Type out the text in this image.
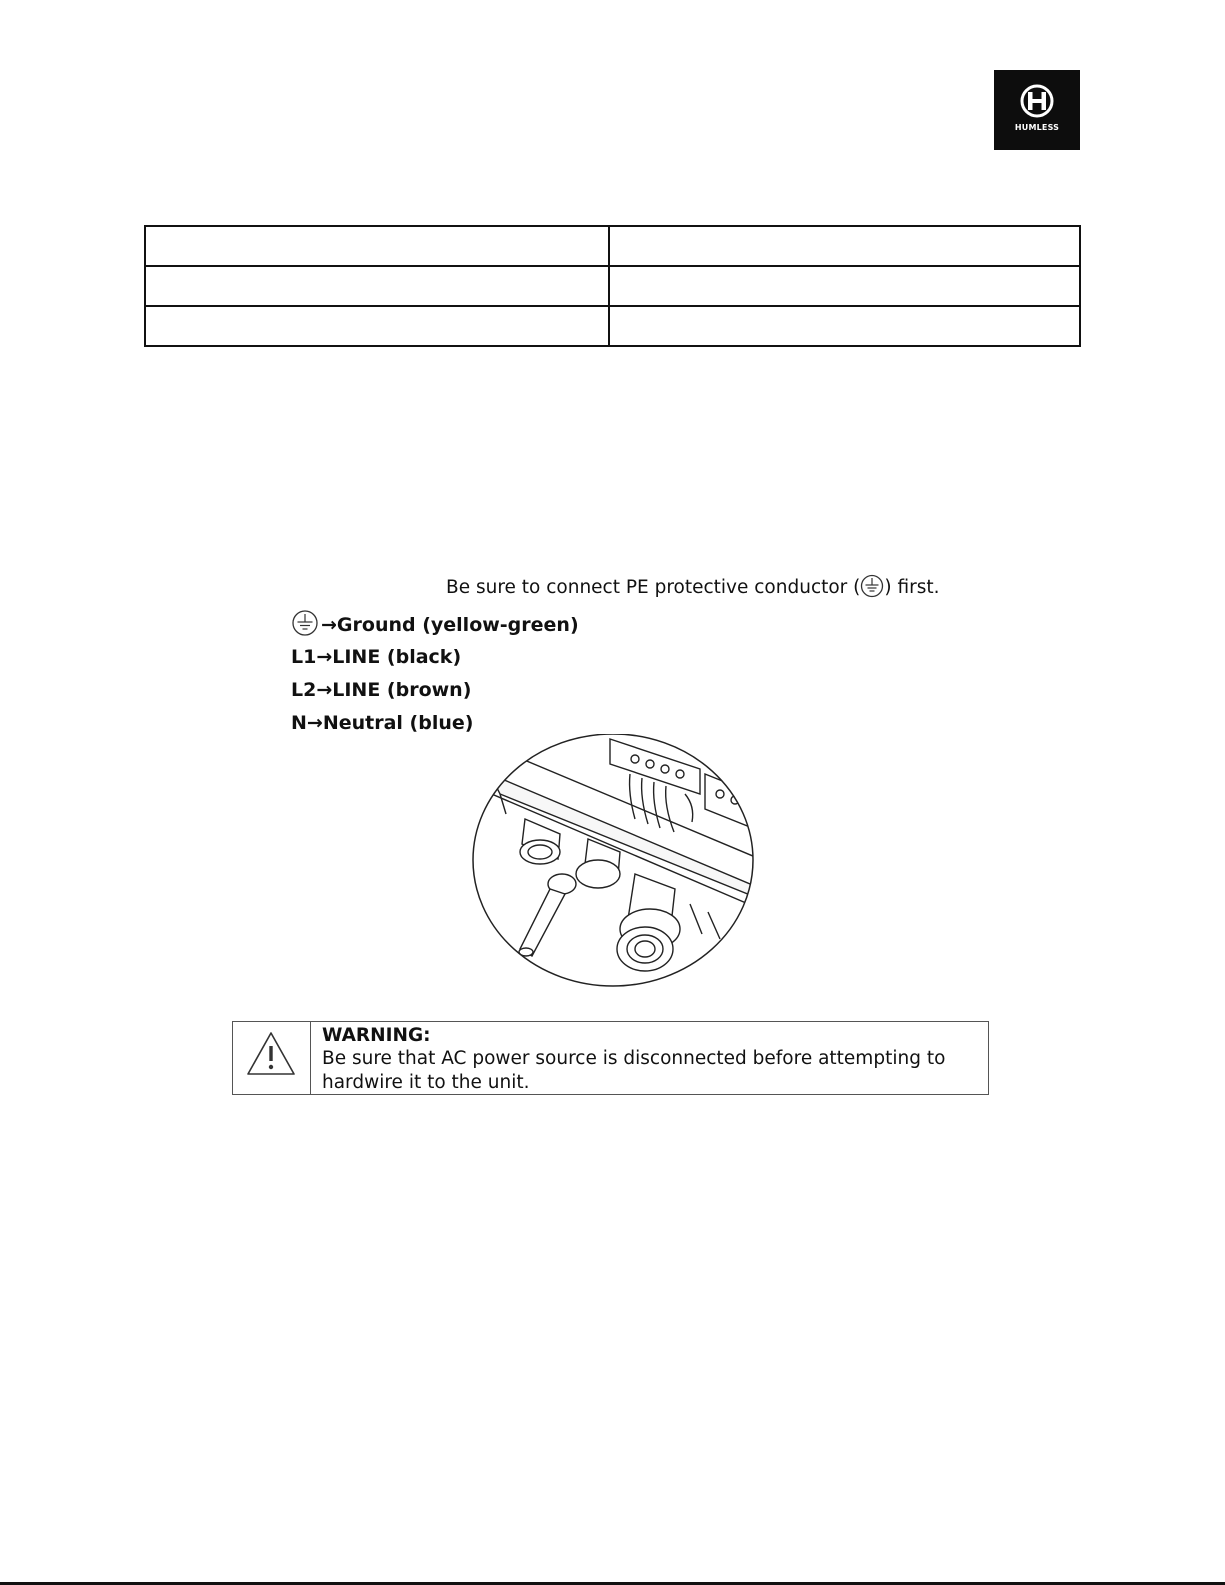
HUMLESS

Be sure to connect PE protective conductor ( ) first.
→Ground (yellow-green)
L1→LINE (black)
L2→LINE (brown)
N→Neutral (blue)
WARNING:
Be sure that AC power source is disconnected before attempting to hardwire it to the unit.
